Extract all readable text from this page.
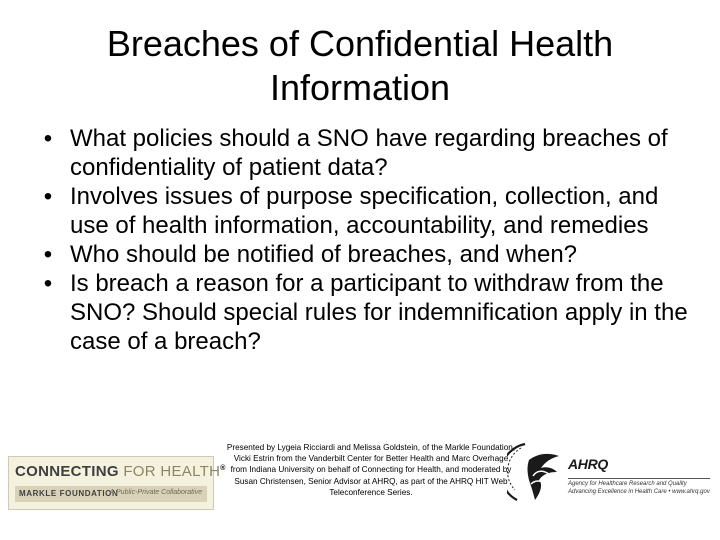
Breaches of Confidential Health Information
• What policies should a SNO have regarding breaches of confidentiality of patient data?
• Involves issues of purpose specification, collection, and use of health information, accountability, and remedies
• Who should be notified of breaches, and when?
• Is breach a reason for a participant to withdraw from the SNO? Should special rules for indemnification apply in the case of a breach?
CONNECTING FOR HEALTH®
MARKLE FOUNDATION
A Public-Private Collaborative

Presented by Lygeia Ricciardi and Melissa Goldstein, of the Markle Foundation, Vicki Estrin from the Vanderbilt Center for Better Health and Marc Overhage from Indiana University on behalf of Connecting for Health, and moderated by Susan Christensen, Senior Advisor at AHRQ, as part of the AHRQ HIT Web Teleconference Series.

AHRQ
Agency for Healthcare Research and Quality
Advancing Excellence in Health Care • www.ahrq.gov
